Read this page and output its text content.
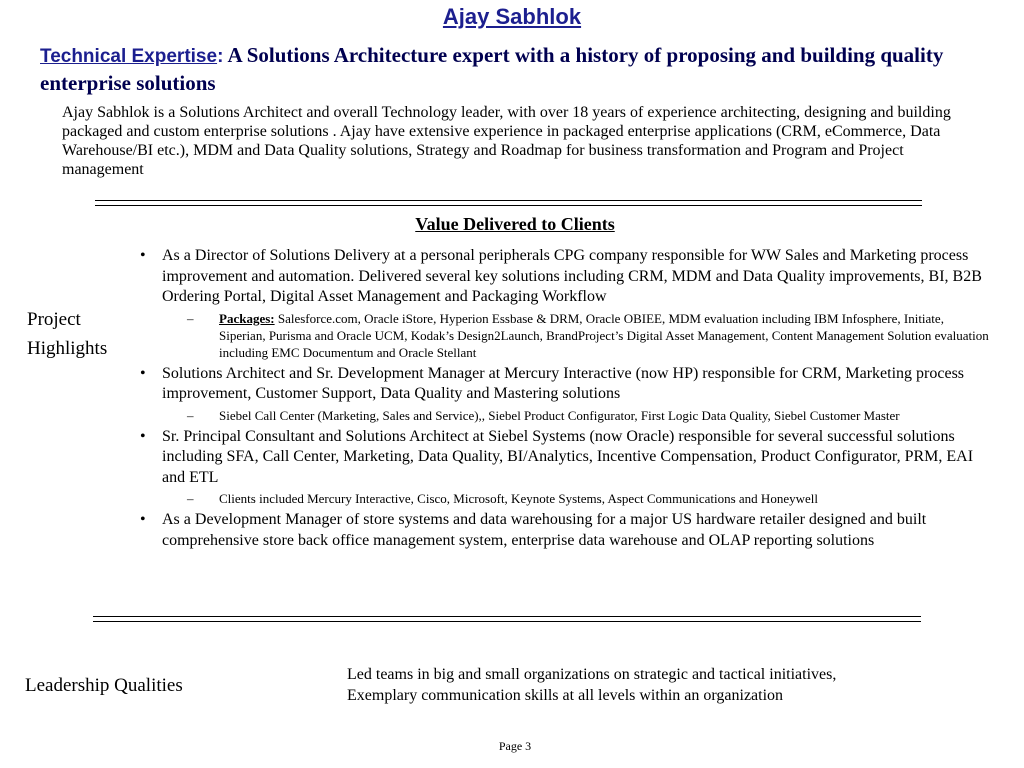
Ajay Sabhlok
Technical Expertise: A Solutions Architecture expert with a history of proposing and building quality enterprise solutions
Ajay Sabhlok is a Solutions Architect and overall Technology leader, with over 18 years of experience architecting, designing and building packaged and custom enterprise solutions . Ajay have extensive experience in packaged enterprise applications (CRM, eCommerce, Data Warehouse/BI etc.), MDM and Data Quality solutions, Strategy and Roadmap for business transformation and Program and Project management
Value Delivered to Clients
Project
Highlights
• As a Director of Solutions Delivery at a personal peripherals CPG company responsible for WW Sales and Marketing process improvement and automation. Delivered several key solutions including CRM, MDM and Data Quality improvements, BI, B2B Ordering Portal, Digital Asset Management and Packaging Workflow
– Packages: Salesforce.com, Oracle iStore, Hyperion Essbase & DRM, Oracle OBIEE, MDM evaluation including IBM Infosphere, Initiate, Siperian, Purisma and Oracle UCM, Kodak’s Design2Launch, BrandProject’s Digital Asset Management, Content Management Solution evaluation including EMC Documentum and Oracle Stellant
• Solutions Architect and Sr. Development Manager at Mercury Interactive (now HP) responsible for CRM, Marketing process improvement, Customer Support, Data Quality and Mastering solutions
– Siebel Call Center (Marketing, Sales and Service),, Siebel Product Configurator, First Logic Data Quality, Siebel Customer Master
• Sr. Principal Consultant and Solutions Architect at Siebel Systems (now Oracle) responsible for several successful solutions including SFA, Call Center, Marketing, Data Quality, BI/Analytics, Incentive Compensation, Product Configurator, PRM, EAI and ETL
– Clients included Mercury Interactive, Cisco, Microsoft, Keynote Systems, Aspect Communications and Honeywell
• As a Development Manager of store systems and data warehousing for a major US hardware retailer designed and built comprehensive store back office management system, enterprise data warehouse and OLAP reporting solutions
Leadership Qualities
Led teams in big and small organizations on strategic and tactical initiatives,
Exemplary communication skills at all levels within an organization
Page 3
